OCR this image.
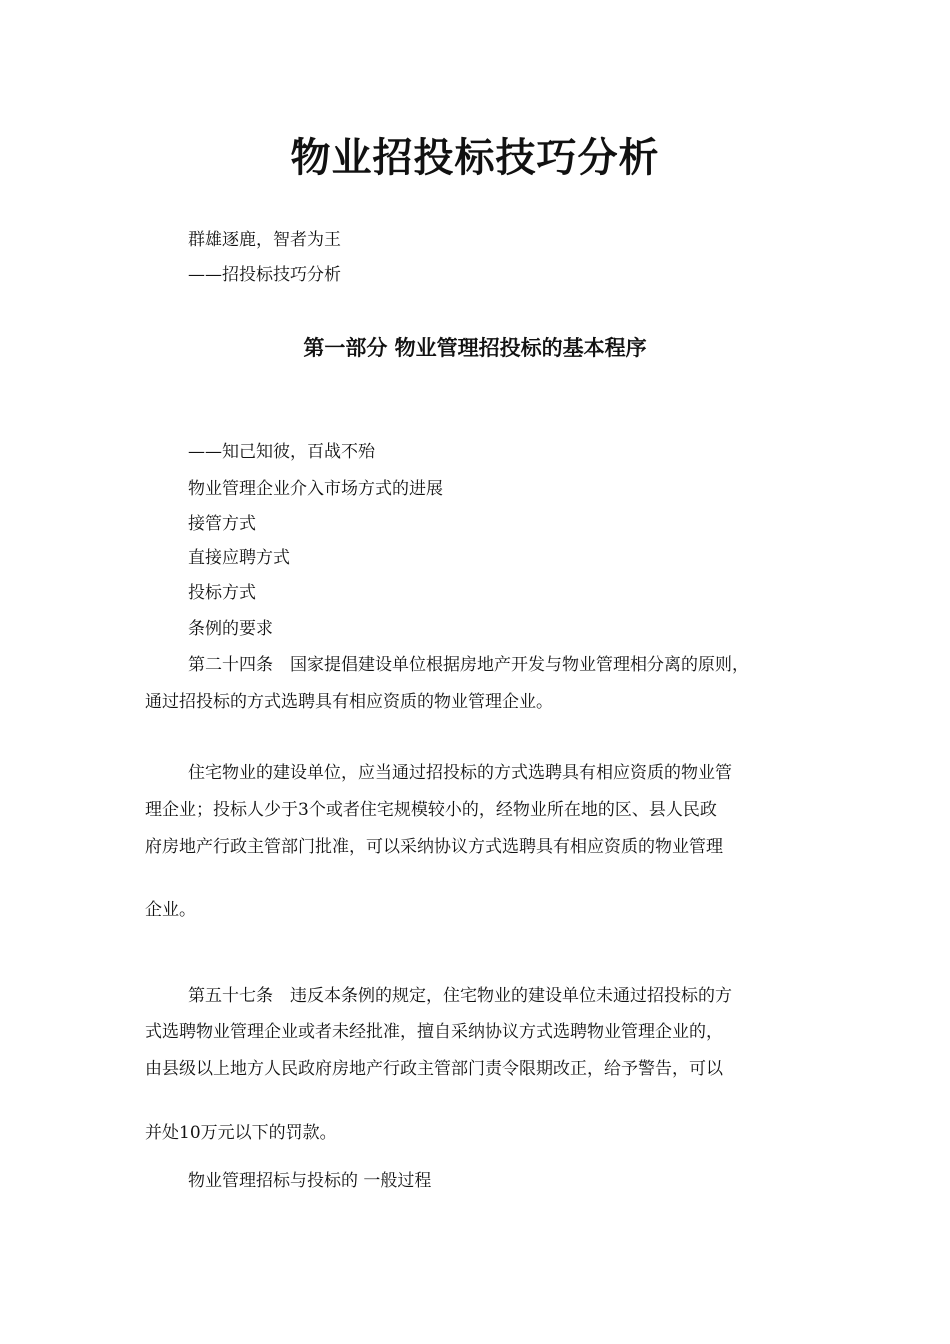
物业招投标技巧分析
群雄逐鹿，智者为王
——招投标技巧分析
第一部分 物业管理招投标的基本程序
——知己知彼，百战不殆
物业管理企业介入市场方式的进展
接管方式
直接应聘方式
投标方式
条例的要求
第二十四条　国家提倡建设单位根据房地产开发与物业管理相分离的原则，
通过招投标的方式选聘具有相应资质的物业管理企业。
住宅物业的建设单位，应当通过招投标的方式选聘具有相应资质的物业管
理企业；投标人少于3个或者住宅规模较小的，经物业所在地的区、县人民政
府房地产行政主管部门批准，可以采纳协议方式选聘具有相应资质的物业管理
企业。
第五十七条　违反本条例的规定，住宅物业的建设单位未通过招投标的方
式选聘物业管理企业或者未经批准，擅自采纳协议方式选聘物业管理企业的，
由县级以上地方人民政府房地产行政主管部门责令限期改正，给予警告，可以
并处10万元以下的罚款。
物业管理招标与投标的 一般过程
